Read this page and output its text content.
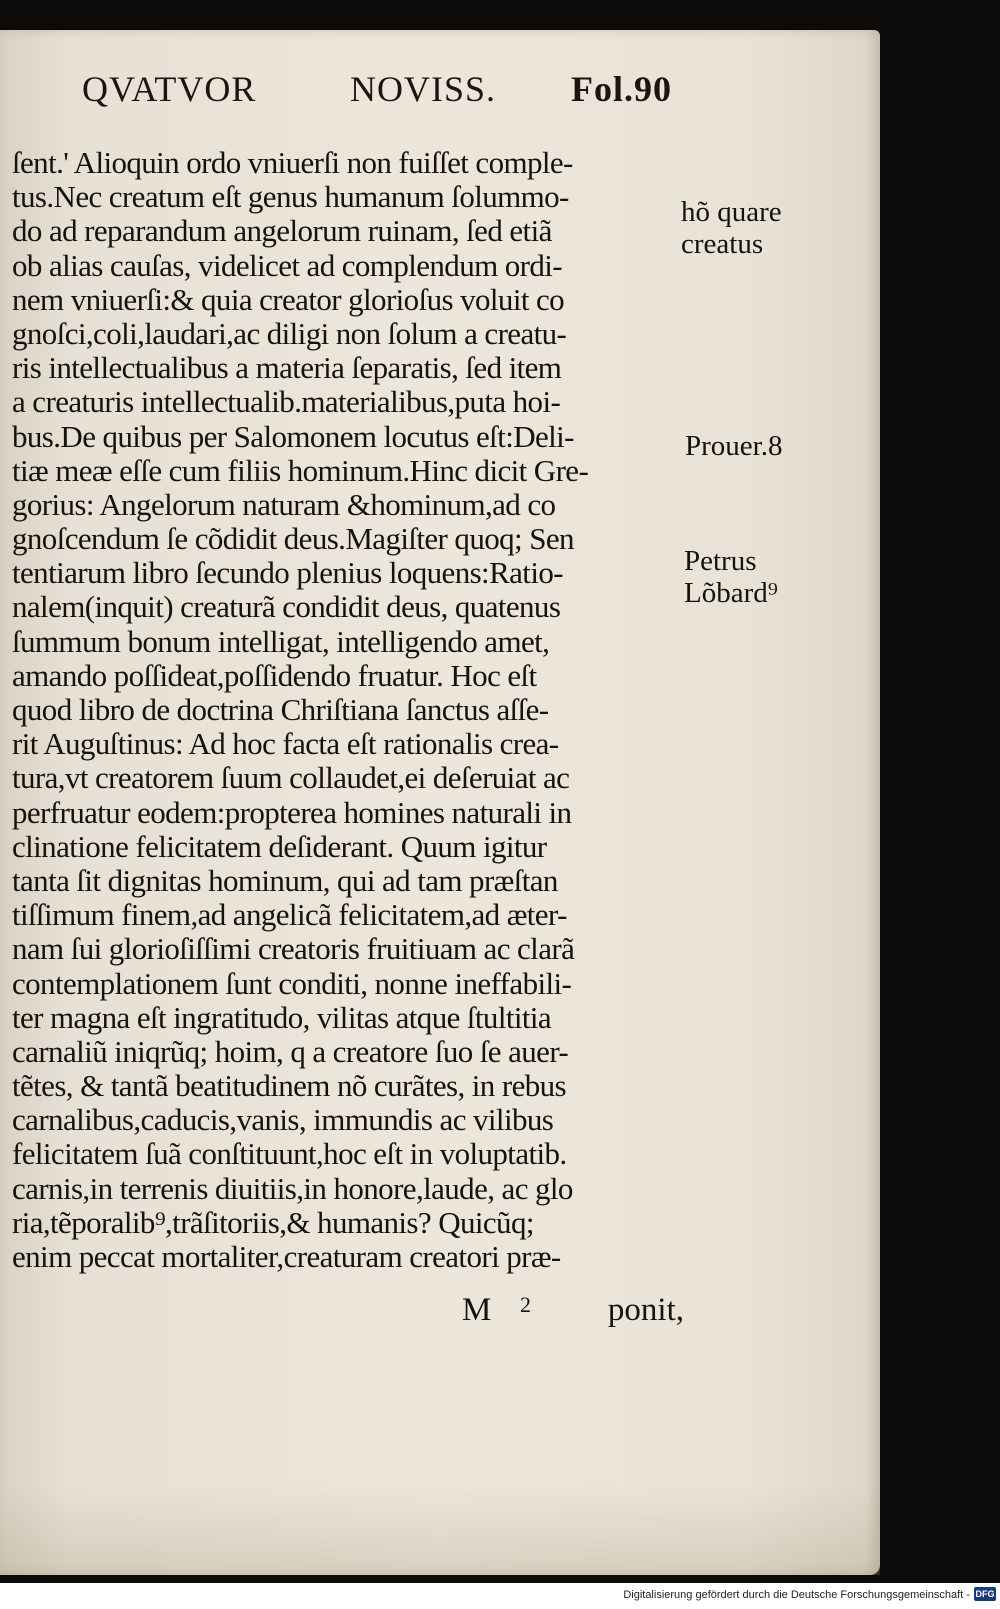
QVATVOR	NOVISS. Fol.90
ſent.' Alioquin ordo vniuerſi non fuiſſet comple-
tus.Nec creatum eſt genus humanum ſolummo-
do ad reparandum angelorum ruinam, ſed etiã
ob alias cauſas, videlicet ad complendum ordi-
nem vniuerſi:& quia creator glorioſus voluit co
gnoſci,coli,laudari,ac diligi non ſolum a creatu-
ris intellectualibus a materia ſeparatis, ſed item
a creaturis intellectualib.materialibus,puta hoi-
bus.De quibus per Salomonem locutus eſt:Deli-
tiæ meæ eſſe cum filiis hominum.Hinc dicit Gre-
gorius: Angelorum naturam &hominum,ad co
gnoſcendum ſe cõdidit deus.Magiſter quoq; Sen
tentiarum libro ſecundo plenius loquens:Ratio-
nalem(inquit) creaturã condidit deus, quatenus
ſummum bonum intelligat, intelligendo amet,
amando poſſideat,poſſidendo fruatur. Hoc eſt
quod libro de doctrina Chriſtiana ſanctus aſſe-
rit Auguſtinus: Ad hoc facta eſt rationalis crea-
tura,vt creatorem ſuum collaudet,ei deſeruiat ac
perfruatur eodem:propterea homines naturali in
clinatione felicitatem deſiderant. Quum igitur
tanta ſit dignitas hominum, qui ad tam præſtan
tiſſimum finem,ad angelicã felicitatem,ad æter-
nam ſui glorioſiſſimi creatoris fruitiuam ac clarã
contemplationem ſunt conditi, nonne ineffabili-
ter magna eſt ingratitudo, vilitas atque ſtultitia
carnaliũ iniqrũq; hoim, q a creatore ſuo ſe auer-
tẽtes, & tantã beatitudinem nõ curãtes, in rebus
carnalibus,caducis,vanis, immundis ac vilibus
felicitatem ſuã conſtituunt,hoc eſt in voluptatib.
carnis,in terrenis diuitiis,in honore,laude, ac glo
ria,tẽporalib⁹,trãſitoriis,& humanis? Quicũq;
enim peccat mortaliter,creaturam creatori præ-
hõ quare
creatus
Prouer.8
Petrus
Lõbard⁹
M 2 ponit,
Digitalisierung gefördert durch die Deutsche Forschungsgemeinschaft - DFG
